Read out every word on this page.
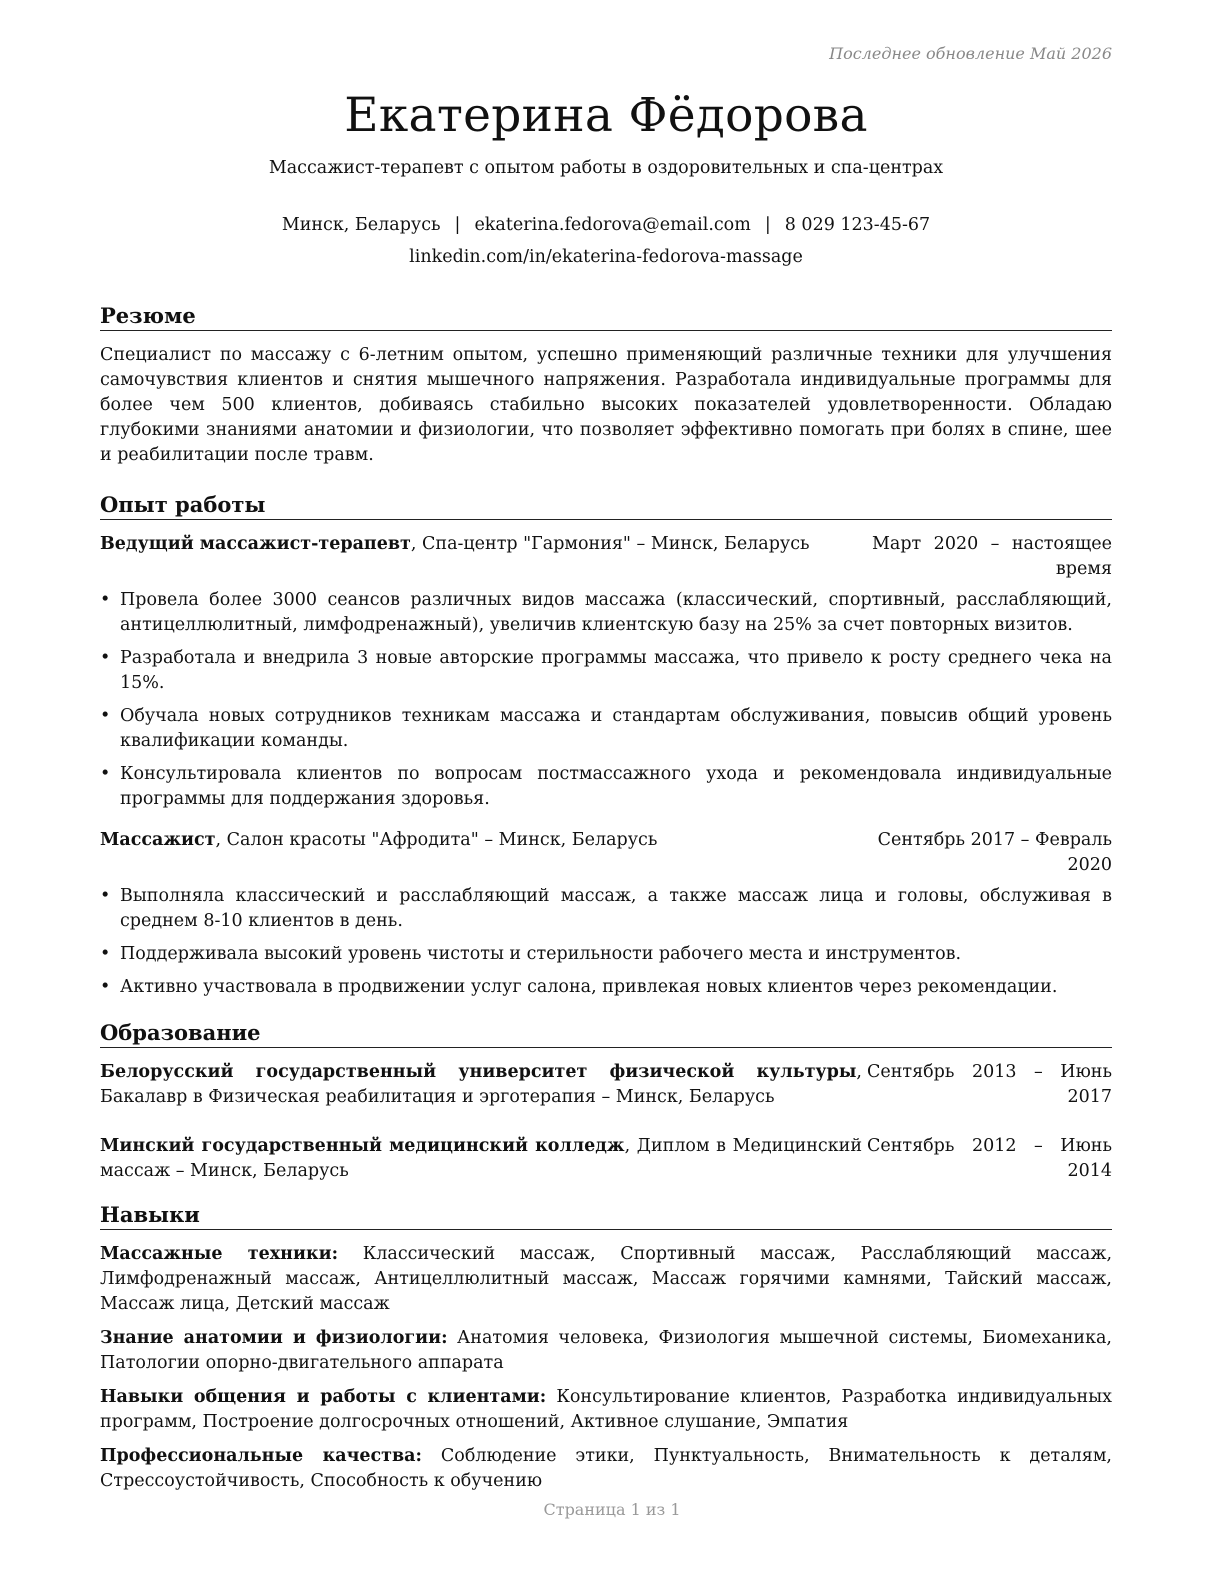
Последнее обновление Май 2026
Екатерина Фёдорова
Массажист-терапевт с опытом работы в оздоровительных и спа-центрах
Минск, Беларусь | ekaterina.fedorova@email.com | 8 029 123-45-67
linkedin.com/in/ekaterina-fedorova-massage
Резюме
Специалист по массажу с 6-летним опытом, успешно применяющий различные техники для улучшения самочувствия клиентов и снятия мышечного напряжения. Разработала индивидуальные программы для более чем 500 клиентов, добиваясь стабильно высоких показателей удовлетворенности. Обладаю глубокими знаниями анатомии и физиологии, что позволяет эффективно помогать при болях в спине, шее и реабилитации после травм.
Опыт работы
Ведущий массажист-терапевт, Спа-центр "Гармония" – Минск, Беларусь	Март 2020 – настоящее время
• Провела более 3000 сеансов различных видов массажа (классический, спортивный, расслабляющий, антицеллюлитный, лимфодренажный), увеличив клиентскую базу на 25% за счет повторных визитов.
• Разработала и внедрила 3 новые авторские программы массажа, что привело к росту среднего чека на 15%.
• Обучала новых сотрудников техникам массажа и стандартам обслуживания, повысив общий уровень квалификации команды.
• Консультировала клиентов по вопросам постмассажного ухода и рекомендовала индивидуальные программы для поддержания здоровья.
Массажист, Салон красоты "Афродита" – Минск, Беларусь	Сентябрь 2017 – Февраль 2020
• Выполняла классический и расслабляющий массаж, а также массаж лица и головы, обслуживая в среднем 8-10 клиентов в день.
• Поддерживала высокий уровень чистоты и стерильности рабочего места и инструментов.
• Активно участвовала в продвижении услуг салона, привлекая новых клиентов через рекомендации.
Образование
Белорусский государственный университет физической культуры, Бакалавр в Физическая реабилитация и эрготерапия – Минск, Беларусь
Сентябрь 2013 – Июнь 2017
Минский государственный медицинский колледж, Диплом в Медицинский массаж – Минск, Беларусь
Сентябрь 2012 – Июнь 2014
Навыки
Массажные техники: Классический массаж, Спортивный массаж, Расслабляющий массаж, Лимфодренажный массаж, Антицеллюлитный массаж, Массаж горячими камнями, Тайский массаж, Массаж лица, Детский массаж
Знание анатомии и физиологии: Анатомия человека, Физиология мышечной системы, Биомеханика, Патологии опорно-двигательного аппарата
Навыки общения и работы с клиентами: Консультирование клиентов, Разработка индивидуальных программ, Построение долгосрочных отношений, Активное слушание, Эмпатия
Профессиональные качества: Соблюдение этики, Пунктуальность, Внимательность к деталям, Стрессоустойчивость, Способность к обучению
Страница 1 из 1
